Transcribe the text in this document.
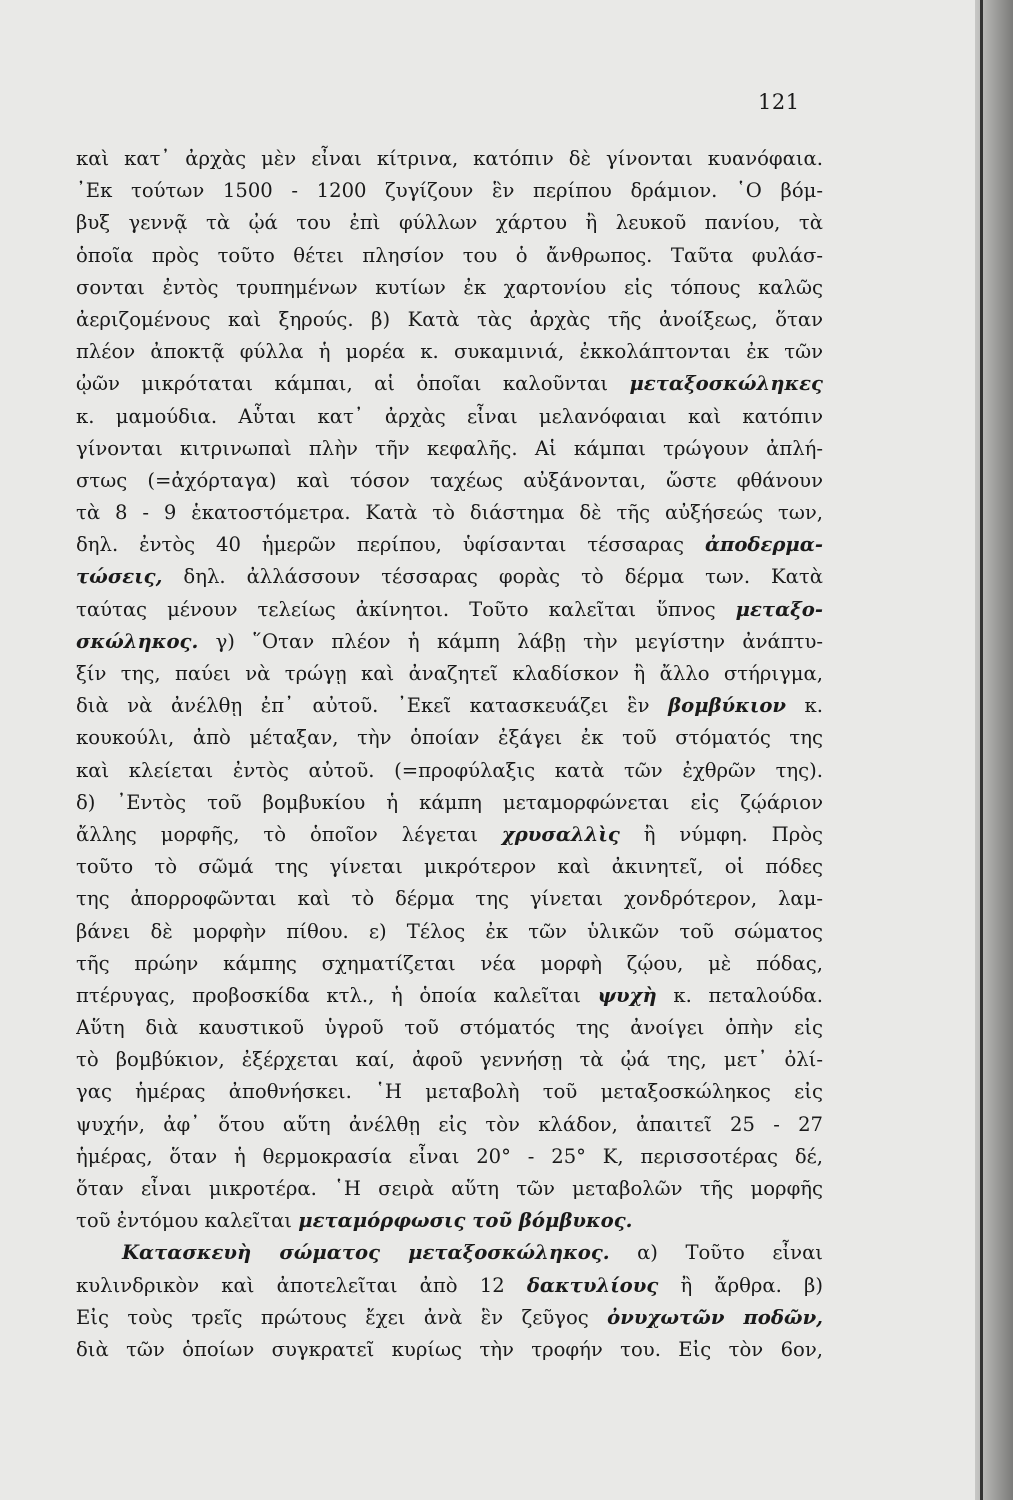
121
καὶ κατ᾽ ἀρχὰς μὲν εἶναι κίτρινα, κατόπιν δὲ γίνονται κυανόφαια.
᾽Εκ τούτων 1500 - 1200 ζυγίζουν ἓν περίπου δράμιον. ῾Ο βόμ-
βυξ γεννᾷ τὰ ᾠά του ἐπὶ φύλλων χάρτου ἢ λευκοῦ πανίου, τὰ
ὁποῖα πρὸς τοῦτο θέτει πλησίον του ὁ ἄνθρωπος. Ταῦτα φυλάσ-
σονται ἐντὸς τρυπημένων κυτίων ἐκ χαρτονίου εἰς τόπους καλῶς
ἀεριζομένους καὶ ξηρούς. β) Κατὰ τὰς ἀρχὰς τῆς ἀνοίξεως, ὅταν
πλέον ἀποκτᾷ φύλλα ἡ μορέα κ. συκαμινιά, ἐκκολάπτονται ἐκ τῶν
ᾠῶν μικρόταται κάμπαι, αἱ ὁποῖαι καλοῦνται μεταξοσκώληκες
κ. μαμούδια. Αὗται κατ᾽ ἀρχὰς εἶναι μελανόφαιαι καὶ κατόπιν
γίνονται κιτρινωπαὶ πλὴν τῆν κεφαλῆς. Αἱ κάμπαι τρώγουν ἀπλή-
στως (=ἀχόρταγα) καὶ τόσον ταχέως αὐξάνονται, ὥστε φθάνουν
τὰ 8 - 9 ἑκατοστόμετρα. Κατὰ τὸ διάστημα δὲ τῆς αὐξήσεώς των,
δηλ. ἐντὸς 40 ἡμερῶν περίπου, ὑφίσανται τέσσαρας ἀποδερμα-
τώσεις, δηλ. ἀλλάσσουν τέσσαρας φορὰς τὸ δέρμα των. Κατὰ
ταύτας μένουν τελείως ἀκίνητοι. Τοῦτο καλεῖται ὕπνος μεταξο-
σκώληκος. γ) ῞Οταν πλέον ἡ κάμπη λάβῃ τὴν μεγίστην ἀνάπτυ-
ξίν της, παύει νὰ τρώγῃ καὶ ἀναζητεῖ κλαδίσκον ἢ ἄλλο στήριγμα,
διὰ νὰ ἀνέλθῃ ἐπ᾽ αὐτοῦ. ᾽Εκεῖ κατασκευάζει ἓν βομβύκιον κ.
κουκούλι, ἀπὸ μέταξαν, τὴν ὁποίαν ἐξάγει ἐκ τοῦ στόματός της
καὶ κλείεται ἐντὸς αὐτοῦ. (=προφύλαξις κατὰ τῶν ἐχθρῶν της).
δ) ᾽Εντὸς τοῦ βομβυκίου ἡ κάμπη μεταμορφώνεται εἰς ζῴάριον
ἄλλης μορφῆς, τὸ ὁποῖον λέγεται χρυσαλλὶς ἢ νύμφη. Πρὸς
τοῦτο τὸ σῶμά της γίνεται μικρότερον καὶ ἀκινητεῖ, οἱ πόδες
της ἀπορροφῶνται καὶ τὸ δέρμα της γίνεται χονδρότερον, λαμ-
βάνει δὲ μορφὴν πίθου. ε) Τέλος ἐκ τῶν ὑλικῶν τοῦ σώματος
τῆς πρώην κάμπης σχηματίζεται νέα μορφὴ ζῴου, μὲ πόδας,
πτέρυγας, προβοσκίδα κτλ., ἡ ὁποία καλεῖται ψυχὴ κ. πεταλούδα.
Αὕτη διὰ καυστικοῦ ὑγροῦ τοῦ στόματός της ἀνοίγει ὀπὴν εἰς
τὸ βομβύκιον, ἐξέρχεται καί, ἀφοῦ γεννήσῃ τὰ ᾠά της, μετ᾽ ὀλί-
γας ἡμέρας ἀποθνήσκει. ῾Η μεταβολὴ τοῦ μεταξοσκώληκος εἰς
ψυχήν, ἀφ᾽ ὅτου αὕτη ἀνέλθῃ εἰς τὸν κλάδον, ἀπαιτεῖ 25 - 27
ἡμέρας, ὅταν ἡ θερμοκρασία εἶναι 20° - 25° Κ, περισσοτέρας δέ,
ὅταν εἶναι μικροτέρα. ῾Η σειρὰ αὕτη τῶν μεταβολῶν τῆς μορφῆς
τοῦ ἐντόμου καλεῖται μεταμόρφωσις τοῦ βόμβυκος.
Κατασκευὴ σώματος μεταξοσκώληκος. α) Τοῦτο εἶναι
κυλινδρικὸν καὶ ἀποτελεῖται ἀπὸ 12 δακτυλίους ἢ ἄρθρα. β)
Εἰς τοὺς τρεῖς πρώτους ἔχει ἀνὰ ἓν ζεῦγος ὀνυχωτῶν ποδῶν,
διὰ τῶν ὁποίων συγκρατεῖ κυρίως τὴν τροφήν του. Εἰς τὸν 6ον,
